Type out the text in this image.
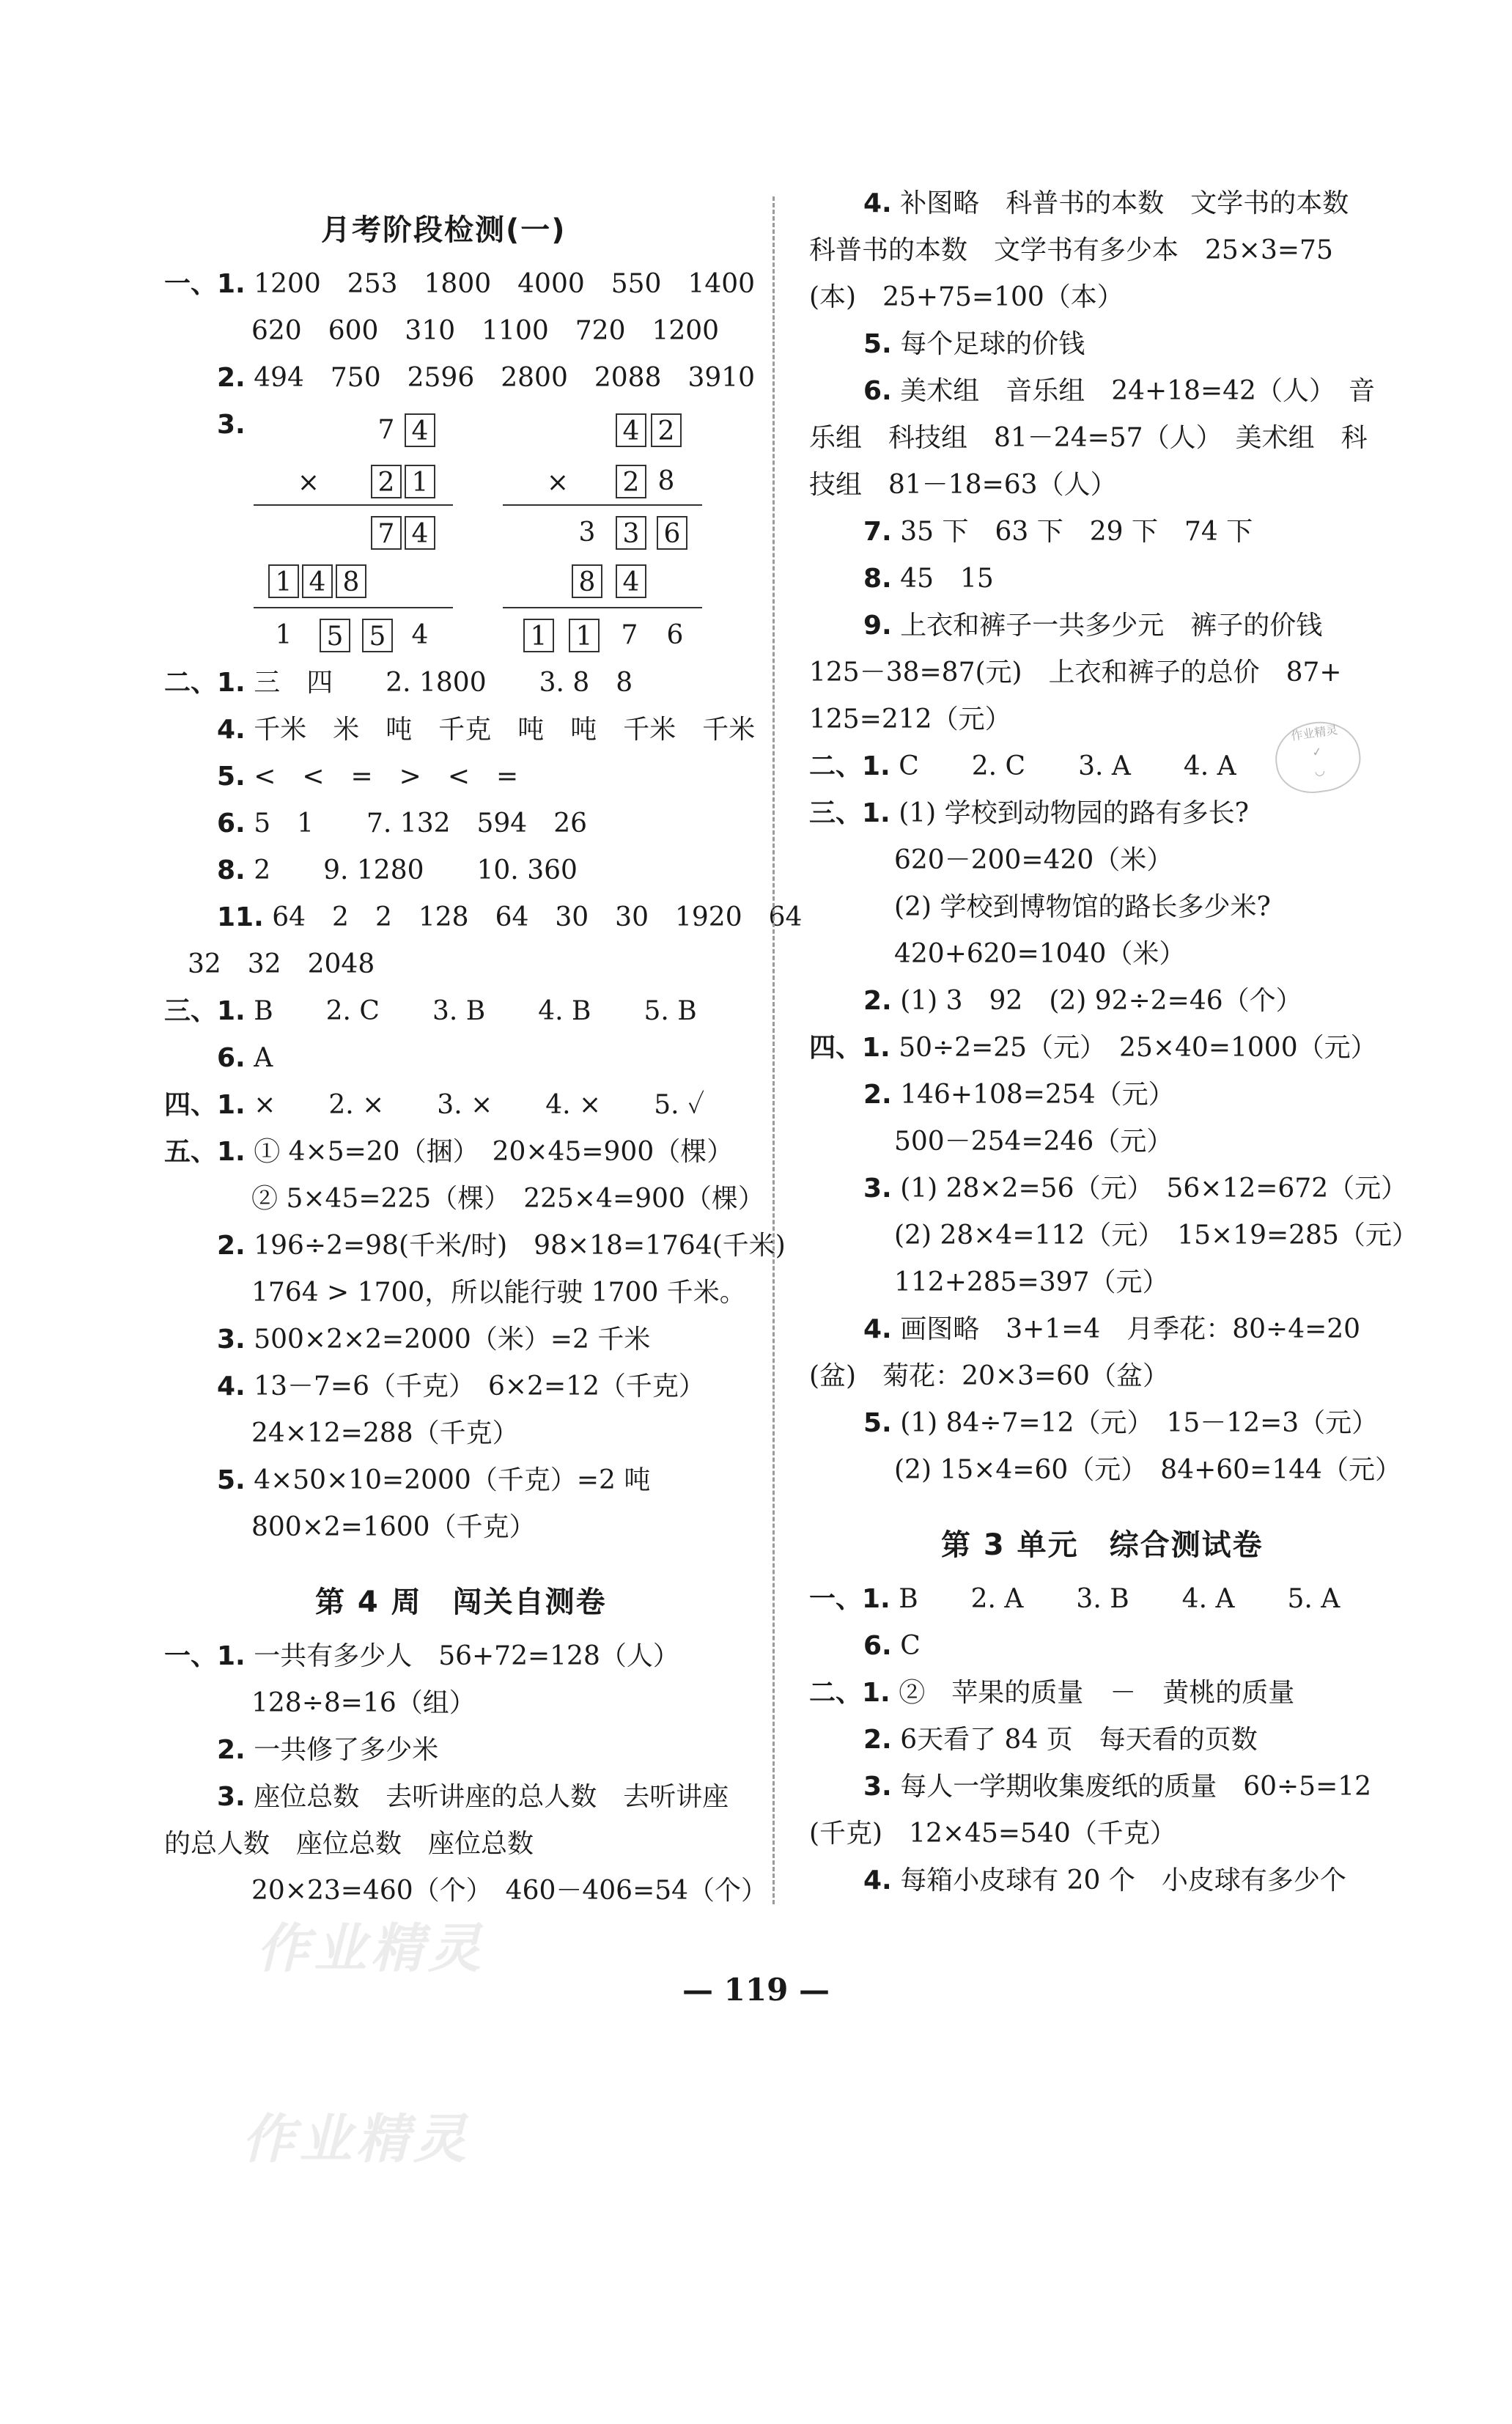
月考阶段检测(一)
一、1. 1200　253　1800　4000　550　1400
620　600　310　1100　720　1200
2. 494　750　2596　2800　2088　3910
3.	7 4
× 2 1
7 4
1 4 8
1 5 5 4
4 2
× 2 8
3 3 6
8 4
1 1 7 6
二、1. 三　四　　2. 1800　　3. 8　8
4. 千米　米　吨　千克　吨　吨　千米　千米
5. <　<　=　>　<　=
6. 5　1　　7. 132　594　26
8. 2　　9. 1280　　10. 360
11. 64　2　2　128　64　30　30　1920　64
32　32　2048
三、1. B　　2. C　　3. B　　4. B　　5. B
6. A
四、1. ×　　2. ×　　3. ×　　4. ×　　5. ✓
五、1. ① 4×5=20（捆）　20×45=900（棵）
② 5×45=225（棵）　225×4=900（棵）
2. 196÷2=98(千米/时)　98×18=1764(千米)
1764 > 1700，所以能行驶 1700 千米。
3. 500×2×2=2000（米）=2 千米
4. 13－7=6（千克）　6×2=12（千克）
24×12=288（千克）
5. 4×50×10=2000（千克）=2 吨
800×2=1600（千克）
第 4 周　闯关自测卷
一、1. 一共有多少人　56+72=128（人）
128÷8=16（组）
2. 一共修了多少米
3. 座位总数　去听讲座的总人数　去听讲座
的总人数　座位总数　座位总数
20×23=460（个）　460－406=54（个）
4. 补图略　科普书的本数　文学书的本数
科普书的本数　文学书有多少本　25×3=75
(本)　25+75=100（本）
5. 每个足球的价钱
6. 美术组　音乐组　24+18=42（人）　音
乐组　科技组　81－24=57（人）　美术组　科
技组　81－18=63（人）
7. 35 下　63 下　29 下　74 下
8. 45　15
9. 上衣和裤子一共多少元　裤子的价钱
125－38=87(元)　上衣和裤子的总价　87+
125=212（元）
二、1. C　　2. C　　3. A　　4. A
三、1. (1) 学校到动物园的路有多长?
620－200=420（米）
(2) 学校到博物馆的路长多少米?
420+620=1040（米）
2. (1) 3　92　(2) 92÷2=46（个）
四、1. 50÷2=25（元）　25×40=1000（元）
2. 146+108=254（元）
500－254=246（元）
3. (1) 28×2=56（元）　56×12=672（元）
(2) 28×4=112（元）　15×19=285（元）
112+285=397（元）
4. 画图略　3+1=4　月季花：80÷4=20
(盆)　菊花：20×3=60（盆）
5. (1) 84÷7=12（元）　15－12=3（元）
(2) 15×4=60（元）　84+60=144（元）
第 3 单元　综合测试卷
一、1. B　　2. A　　3. B　　4. A　　5. A
6. C
二、1. ②　苹果的质量　－　黄桃的质量
2. 6天看了 84 页　每天看的页数
3. 每人一学期收集废纸的质量　60÷5=12
(千克)　12×45=540（千克）
4. 每箱小皮球有 20 个　小皮球有多少个
作业精灵
✓
◡
— 119 —
作业精灵
作业精灵
